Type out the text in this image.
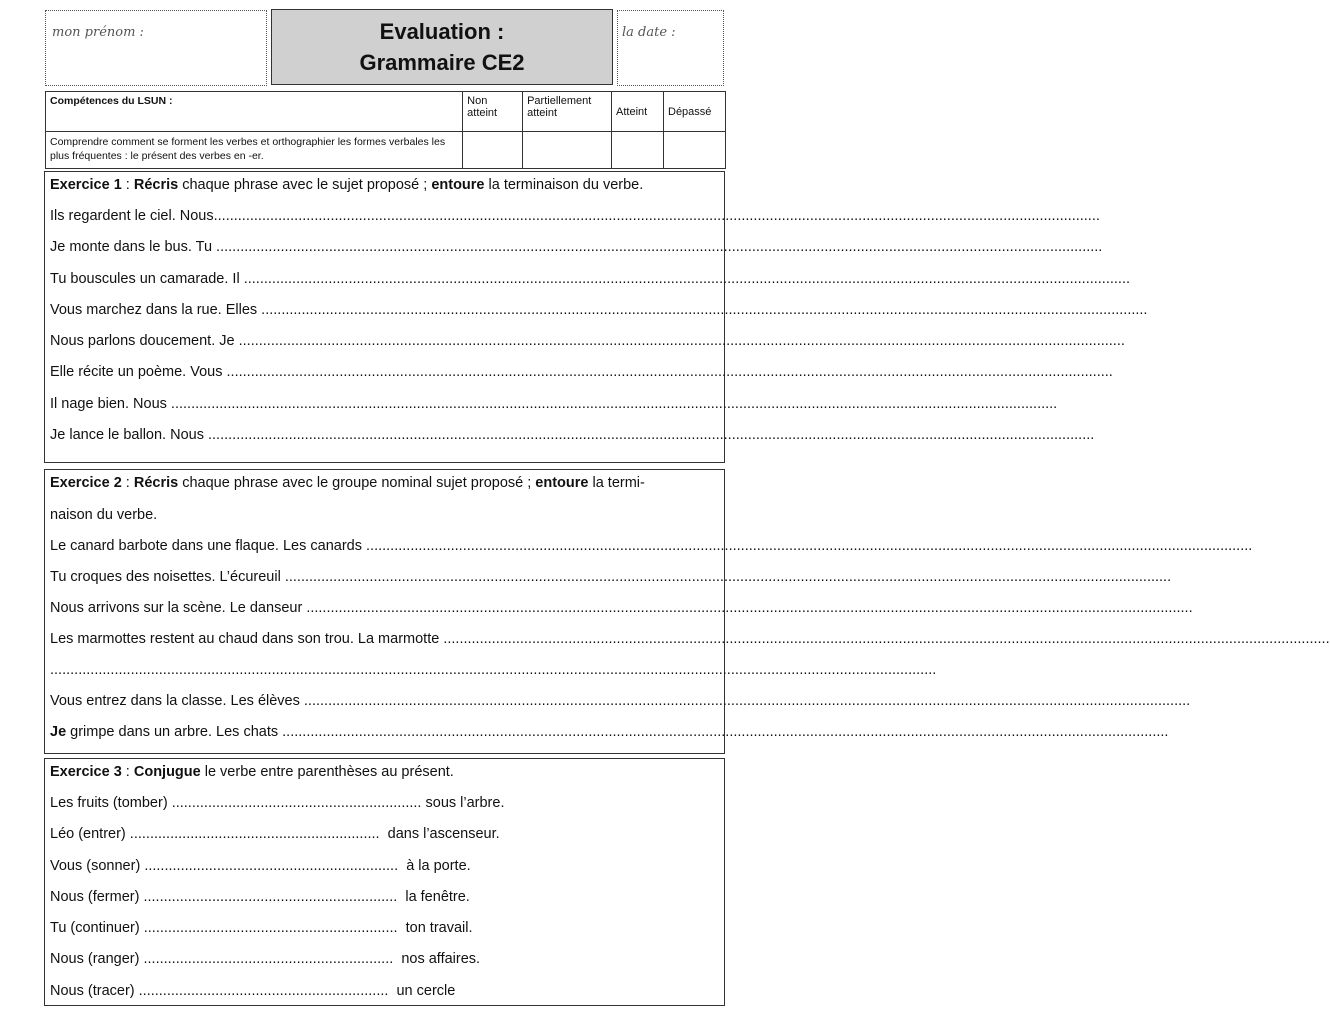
mon prénom :	Evaluation :
Grammaire CE2
la date :
Compétences du LSUN :	Non atteint	Partiellement atteint	Atteint	Dépassé
Comprendre comment se forment les verbes et orthographier les formes verbales les plus fréquentes : le présent des verbes en -er.				
Exercice 1 : Récris chaque phrase avec le sujet proposé ; entoure la terminaison du verbe.
Ils regardent le ciel. Nous............................................................................................................................................................................................................................
Je monte dans le bus. Tu ............................................................................................................................................................................................................................
Tu bouscules un camarade. Il ............................................................................................................................................................................................................................
Vous marchez dans la rue. Elles ............................................................................................................................................................................................................................
Nous parlons doucement. Je ............................................................................................................................................................................................................................
Elle récite un poème. Vous ............................................................................................................................................................................................................................
Il nage bien. Nous ............................................................................................................................................................................................................................
Je lance le ballon. Nous ............................................................................................................................................................................................................................
Exercice 2 : Récris chaque phrase avec le groupe nominal sujet proposé ; entoure la termi-
naison du verbe.
Le canard barbote dans une flaque. Les canards ............................................................................................................................................................................................................................
Tu croques des noisettes. L’écureuil ............................................................................................................................................................................................................................
Nous arrivons sur la scène. Le danseur ............................................................................................................................................................................................................................
Les marmottes restent au chaud dans son trou. La marmotte ............................................................................................................................................................................................................................
............................................................................................................................................................................................................................
Vous entrez dans la classe. Les élèves ............................................................................................................................................................................................................................
Je grimpe dans un arbre. Les chats ............................................................................................................................................................................................................................
Exercice 3 : Conjugue le verbe entre parenthèses au présent.
Les fruits (tomber) .............................................................. sous l’arbre.
Léo (entrer) .............................................................. dans l’ascenseur.
Vous (sonner) ............................................................... à la porte.
Nous (fermer) ............................................................... la fenêtre.
Tu (continuer) ............................................................... ton travail.
Nous (ranger) .............................................................. nos affaires.
Nous (tracer) .............................................................. un cercle
